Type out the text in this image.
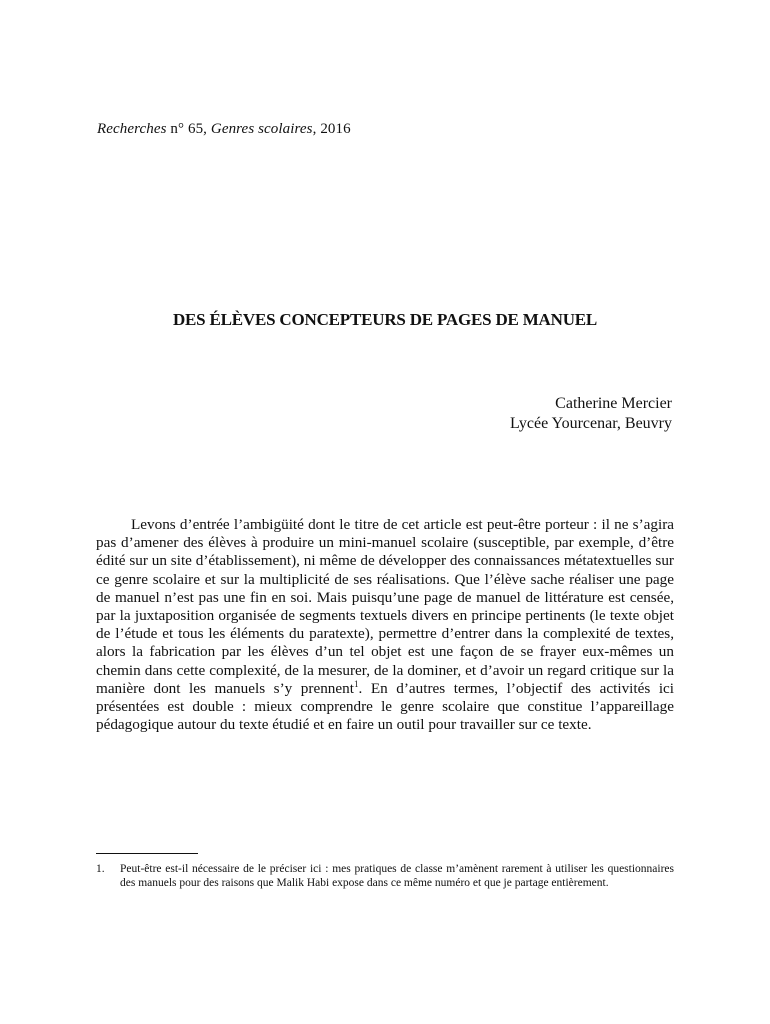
Recherches n° 65, Genres scolaires, 2016
DES ÉLÈVES CONCEPTEURS DE PAGES DE MANUEL
Catherine Mercier
Lycée Yourcenar, Beuvry

Levons d’entrée l’ambigüité dont le titre de cet article est peut-être porteur : il ne s’agira pas d’amener des élèves à produire un mini-manuel scolaire (susceptible, par exemple, d’être édité sur un site d’établissement), ni même de développer des connaissances métatextuelles sur ce genre scolaire et sur la multiplicité de ses réalisations. Que l’élève sache réaliser une page de manuel n’est pas une fin en soi. Mais puisqu’une page de manuel de littérature est censée, par la juxtaposition organisée de segments textuels divers en principe pertinents (le texte objet de l’étude et tous les éléments du paratexte), permettre d’entrer dans la complexité de textes, alors la fabrication par les élèves d’un tel objet est une façon de se frayer eux-mêmes un chemin dans cette complexité, de la mesurer, de la dominer, et d’avoir un regard critique sur la manière dont les manuels s’y prennent$^1$. En d’autres termes, l’objectif des activités ici présentées est double : mieux comprendre le genre scolaire que constitue l’appareillage pédagogique autour du texte étudié et en faire un outil pour travailler sur ce texte.

1. Peut-être est-il nécessaire de le préciser ici : mes pratiques de classe m’amènent rarement à utiliser les questionnaires des manuels pour des raisons que Malik Habi expose dans ce même numéro et que je partage entièrement.
